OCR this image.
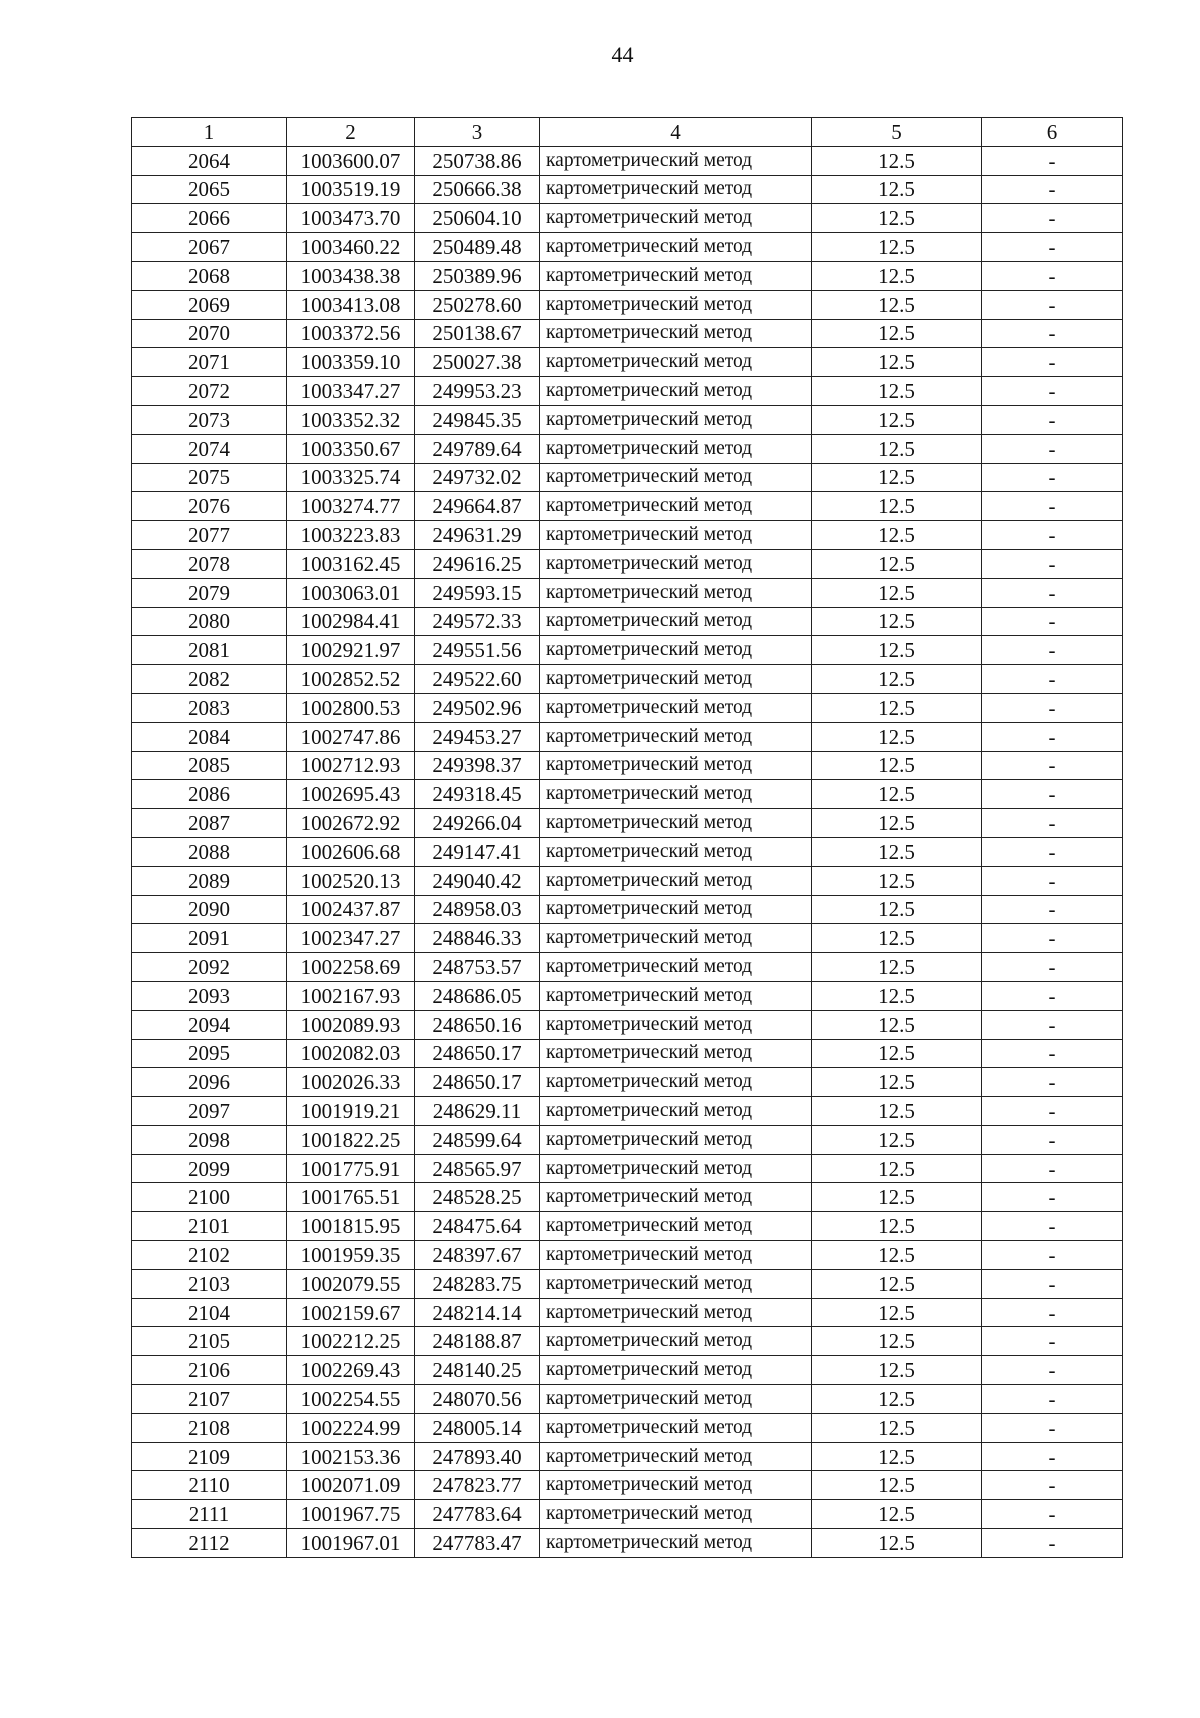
44
1	2	3	4	5	6
2064	1003600.07	250738.86	картометрический метод	12.5	-
2065	1003519.19	250666.38	картометрический метод	12.5	-
2066	1003473.70	250604.10	картометрический метод	12.5	-
2067	1003460.22	250489.48	картометрический метод	12.5	-
2068	1003438.38	250389.96	картометрический метод	12.5	-
2069	1003413.08	250278.60	картометрический метод	12.5	-
2070	1003372.56	250138.67	картометрический метод	12.5	-
2071	1003359.10	250027.38	картометрический метод	12.5	-
2072	1003347.27	249953.23	картометрический метод	12.5	-
2073	1003352.32	249845.35	картометрический метод	12.5	-
2074	1003350.67	249789.64	картометрический метод	12.5	-
2075	1003325.74	249732.02	картометрический метод	12.5	-
2076	1003274.77	249664.87	картометрический метод	12.5	-
2077	1003223.83	249631.29	картометрический метод	12.5	-
2078	1003162.45	249616.25	картометрический метод	12.5	-
2079	1003063.01	249593.15	картометрический метод	12.5	-
2080	1002984.41	249572.33	картометрический метод	12.5	-
2081	1002921.97	249551.56	картометрический метод	12.5	-
2082	1002852.52	249522.60	картометрический метод	12.5	-
2083	1002800.53	249502.96	картометрический метод	12.5	-
2084	1002747.86	249453.27	картометрический метод	12.5	-
2085	1002712.93	249398.37	картометрический метод	12.5	-
2086	1002695.43	249318.45	картометрический метод	12.5	-
2087	1002672.92	249266.04	картометрический метод	12.5	-
2088	1002606.68	249147.41	картометрический метод	12.5	-
2089	1002520.13	249040.42	картометрический метод	12.5	-
2090	1002437.87	248958.03	картометрический метод	12.5	-
2091	1002347.27	248846.33	картометрический метод	12.5	-
2092	1002258.69	248753.57	картометрический метод	12.5	-
2093	1002167.93	248686.05	картометрический метод	12.5	-
2094	1002089.93	248650.16	картометрический метод	12.5	-
2095	1002082.03	248650.17	картометрический метод	12.5	-
2096	1002026.33	248650.17	картометрический метод	12.5	-
2097	1001919.21	248629.11	картометрический метод	12.5	-
2098	1001822.25	248599.64	картометрический метод	12.5	-
2099	1001775.91	248565.97	картометрический метод	12.5	-
2100	1001765.51	248528.25	картометрический метод	12.5	-
2101	1001815.95	248475.64	картометрический метод	12.5	-
2102	1001959.35	248397.67	картометрический метод	12.5	-
2103	1002079.55	248283.75	картометрический метод	12.5	-
2104	1002159.67	248214.14	картометрический метод	12.5	-
2105	1002212.25	248188.87	картометрический метод	12.5	-
2106	1002269.43	248140.25	картометрический метод	12.5	-
2107	1002254.55	248070.56	картометрический метод	12.5	-
2108	1002224.99	248005.14	картометрический метод	12.5	-
2109	1002153.36	247893.40	картометрический метод	12.5	-
2110	1002071.09	247823.77	картометрический метод	12.5	-
2111	1001967.75	247783.64	картометрический метод	12.5	-
2112	1001967.01	247783.47	картометрический метод	12.5	-
